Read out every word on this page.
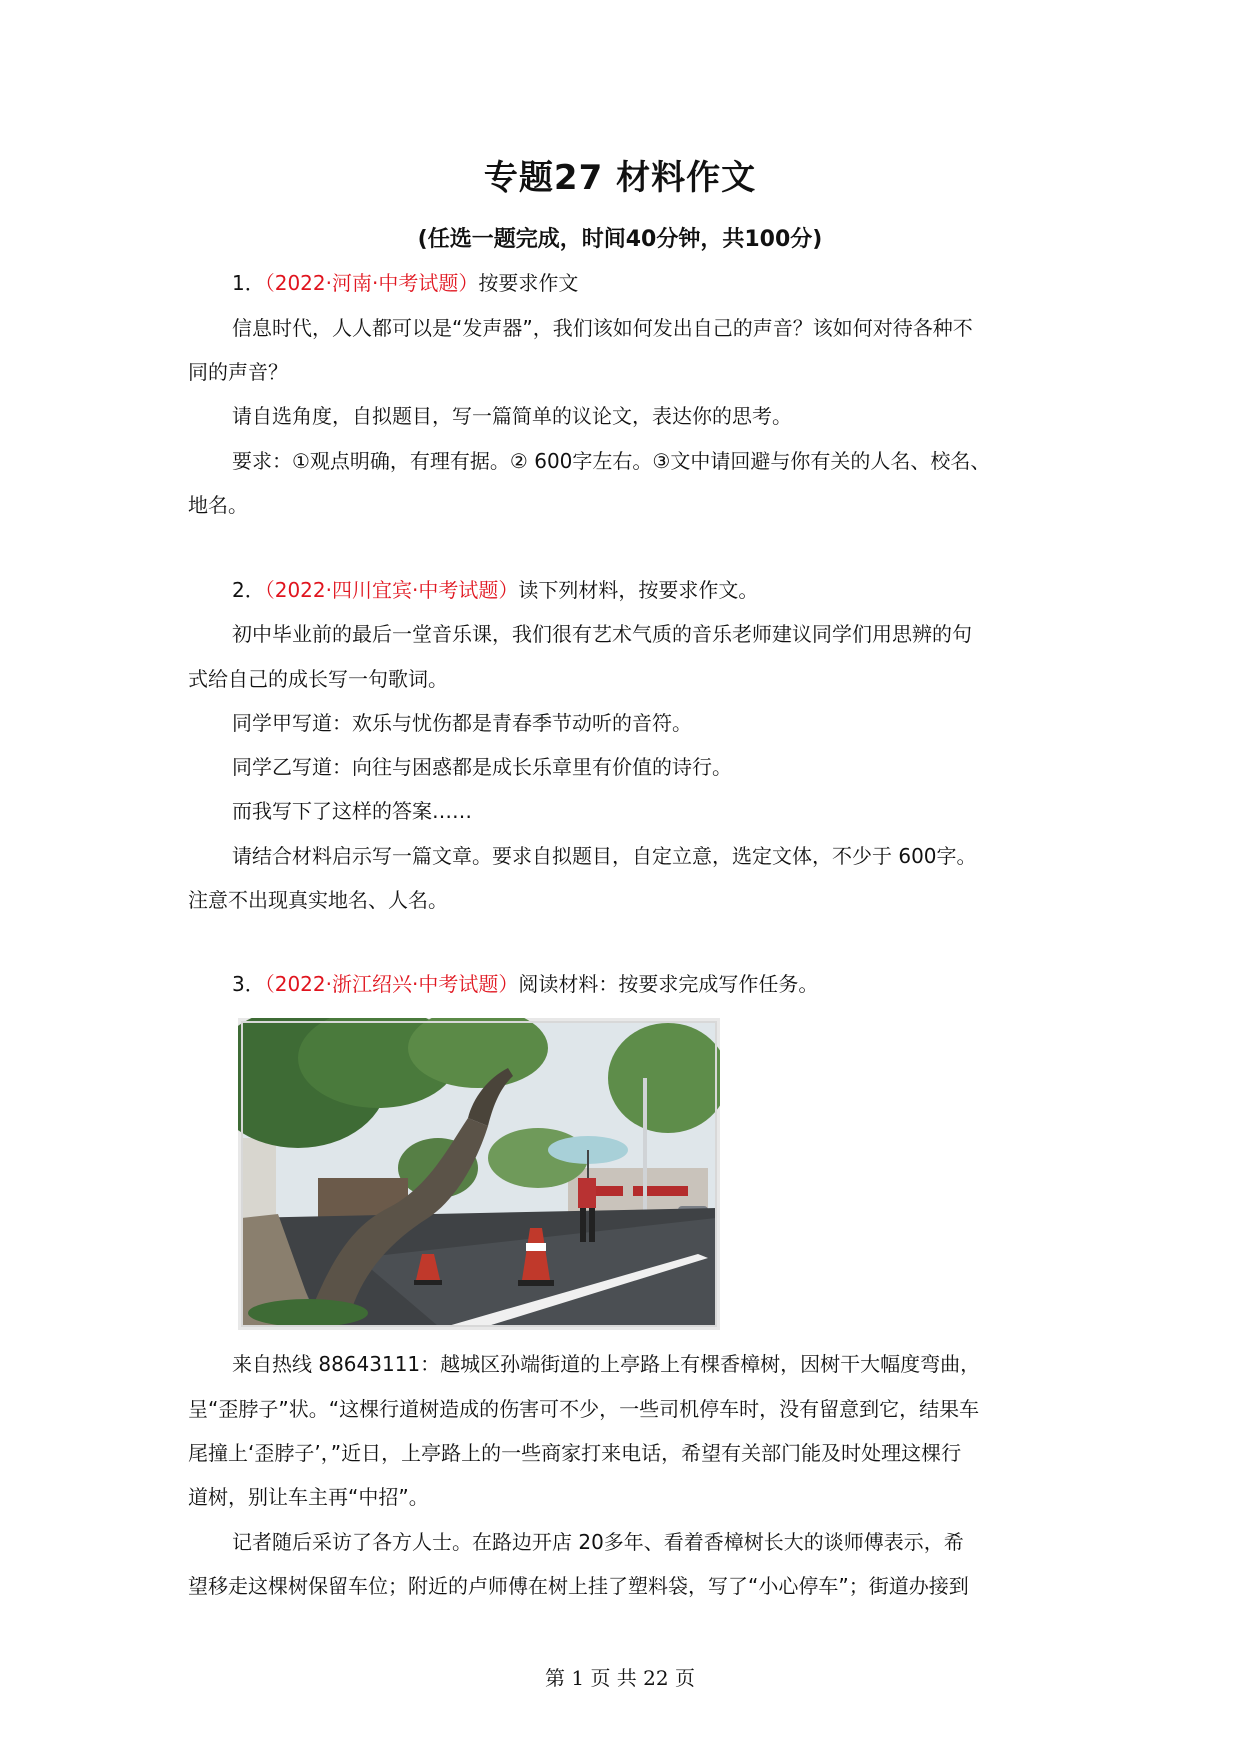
专题27 材料作文
(任选一题完成，时间40分钟，共100分)
1．（2022·河南·中考试题）按要求作文
信息时代，人人都可以是“发声器”，我们该如何发出自己的声音？该如何对待各种不
同的声音？
请自选角度，自拟题目，写一篇简单的议论文，表达你的思考。
要求：①观点明确，有理有据。② 600字左右。③文中请回避与你有关的人名、校名、
地名。
2．（2022·四川宜宾·中考试题）读下列材料，按要求作文。
初中毕业前的最后一堂音乐课，我们很有艺术气质的音乐老师建议同学们用思辨的句
式给自己的成长写一句歌词。
同学甲写道：欢乐与忧伤都是青春季节动听的音符。
同学乙写道：向往与困惑都是成长乐章里有价值的诗行。
而我写下了这样的答案……
请结合材料启示写一篇文章。要求自拟题目，自定立意，选定文体，不少于 600字。
注意不出现真实地名、人名。
3．（2022·浙江绍兴·中考试题）阅读材料：按要求完成写作任务。
来自热线 88643111：越城区孙端街道的上亭路上有棵香樟树，因树干大幅度弯曲，
呈“歪脖子”状。“这棵行道树造成的伤害可不少，一些司机停车时，没有留意到它，结果车
尾撞上‘歪脖子’，”近日，上亭路上的一些商家打来电话，希望有关部门能及时处理这棵行
道树，别让车主再“中招”。
记者随后采访了各方人士。在路边开店 20多年、看着香樟树长大的谈师傅表示，希
望移走这棵树保留车位；附近的卢师傅在树上挂了塑料袋，写了“小心停车”；街道办接到
第 1 页 共 22 页
